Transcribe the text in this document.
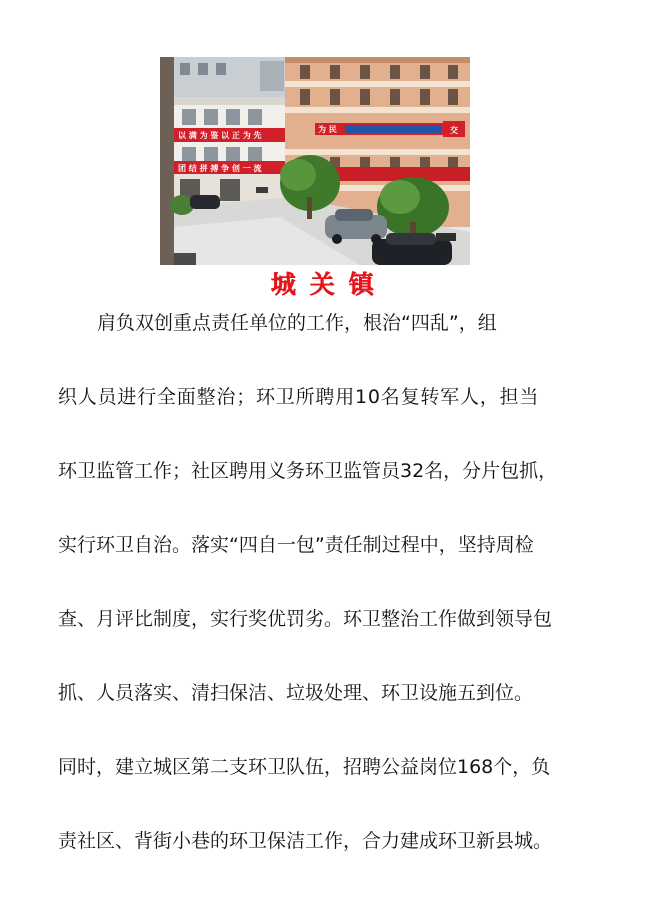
以 满 为 鉴 以 正 为 先
团 结 拼 搏 争 创 一 流
为 民	交
城关镇
肩负双创重点责任单位的工作，根治“四乱”，组
织人员进行全面整治；环卫所聘用10名复转军人，担当
环卫监管工作；社区聘用义务环卫监管员32名，分片包抓，
实行环卫自治。落实“四自一包”责任制过程中，坚持周检
查、月评比制度，实行奖优罚劣。环卫整治工作做到领导包
抓、人员落实、清扫保洁、垃圾处理、环卫设施五到位。
同时，建立城区第二支环卫队伍，招聘公益岗位168个，负
责社区、背街小巷的环卫保洁工作，合力建成环卫新县城。
